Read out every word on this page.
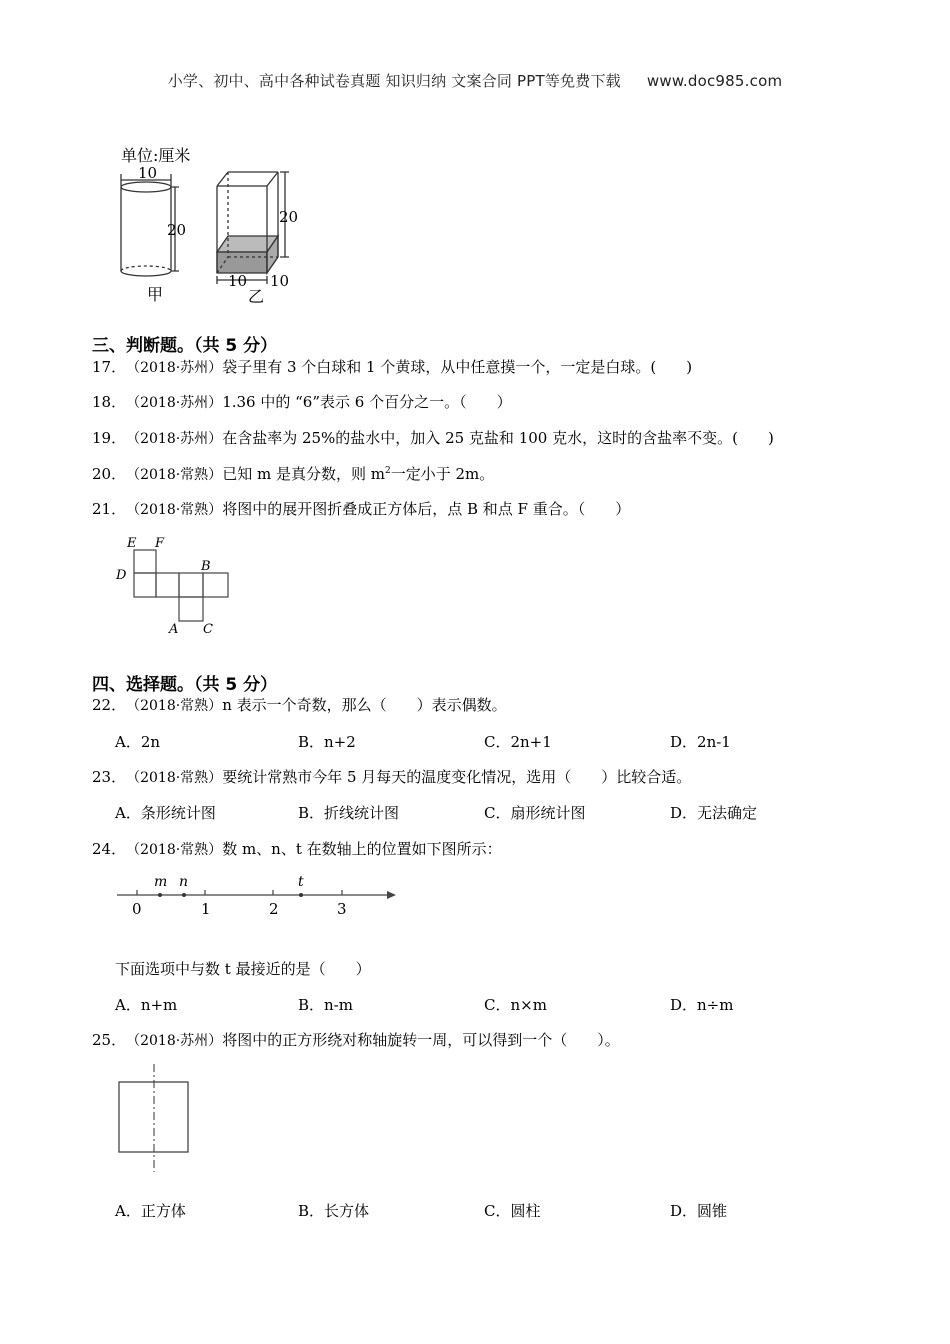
小学、初中、高中各种试卷真题 知识归纳 文案合同 PPT等免费下载 www.doc985.com
单位:厘米
10
20
甲
20
10 10
乙
三、判断题。（共 5 分）
17．（2018·苏州）袋子里有 3 个白球和 1 个黄球，从中任意摸一个，一定是白球。(　　)
18．（2018·苏州）1.36 中的 “6”表示 6 个百分之一。（　　）
19．（2018·苏州）在含盐率为 25%的盐水中，加入 25 克盐和 100 克水，这时的含盐率不变。(　　)
20．（2018·常熟）已知 m 是真分数，则 $m^2$一定小于 2m。
21．（2018·常熟）将图中的展开图折叠成正方体后，点 B 和点 F 重合。（　　）
E F
D
B
A C
四、选择题。（共 5 分）
22．（2018·常熟）n 表示一个奇数，那么（　　）表示偶数。
A．2n	B．n+2	C．2n+1	D．2n-1
23．（2018·常熟）要统计常熟市今年 5 月每天的温度变化情况，选用（　　）比较合适。
A．条形统计图	B．折线统计图	C．扇形统计图	D．无法确定
24．（2018·常熟）数 m、n、t 在数轴上的位置如下图所示：
m n	t
0	1	2	3
下面选项中与数 t 最接近的是（　　）
A．n+m	B．n-m	C．n×m	D．n÷m
25．（2018·苏州）将图中的正方形绕对称轴旋转一周，可以得到一个（　　）。
A．正方体	B．长方体	C．圆柱	D．圆锥
